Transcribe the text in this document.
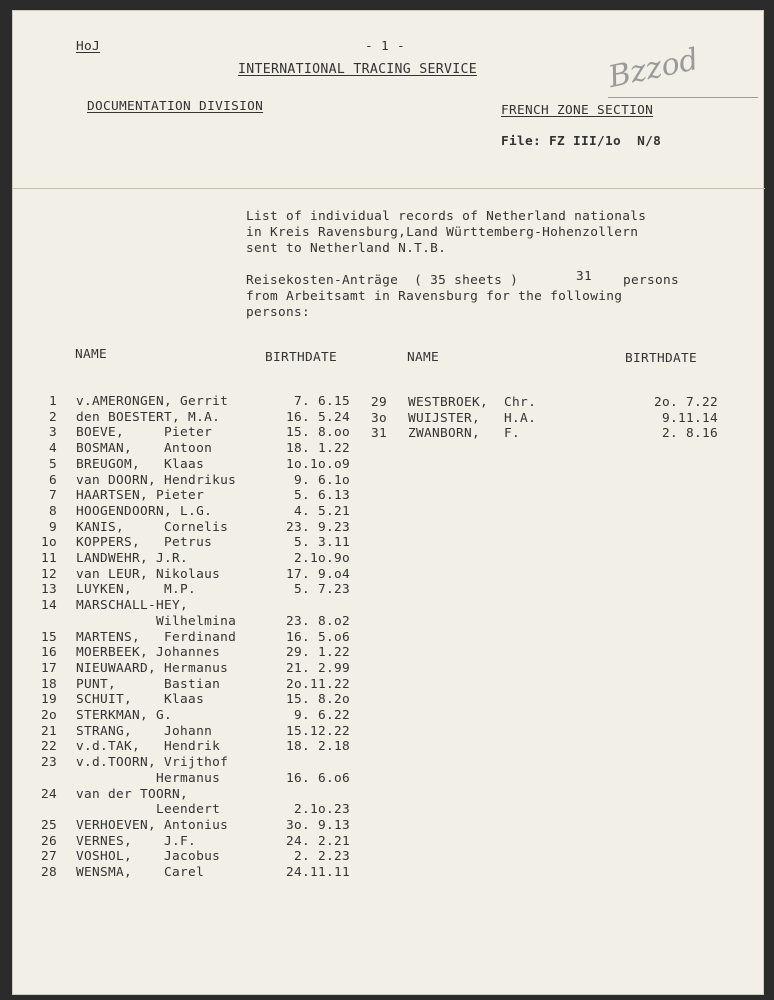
HoJ	- 1 -
INTERNATIONAL TRACING SERVICE	Bzzod
DOCUMENTATION DIVISION	FRENCH ZONE SECTION
File: FZ III/1o  N/8
List of individual records of Netherland nationals
in Kreis Ravensburg,Land Württemberg-Hohenzollern
sent to Netherland N.T.B.
Reisekosten-Anträge  ( 35 sheets )	31 persons
from Arbeitsamt in Ravensburg for the following
persons:
NAME	BIRTHDATE	NAME	BIRTHDATE
1 v.AMERONGEN, Gerrit	7. 6.15
2 den BOESTERT, M.A.	16. 5.24
3 BOEVE,     Pieter	15. 8.oo
4 BOSMAN,    Antoon	18. 1.22
5 BREUGOM,   Klaas	1o.1o.o9
6 van DOORN, Hendrikus	9. 6.1o
7 HAARTSEN, Pieter	5. 6.13
8 HOOGENDOORN, L.G.	4. 5.21
9 KANIS,     Cornelis	23. 9.23
1o KOPPERS,   Petrus	5. 3.11
11 LANDWEHR, J.R.	2.1o.9o
12 van LEUR, Nikolaus	17. 9.o4
13 LUYKEN,    M.P.	5. 7.23
14 MARSCHALL-HEY,
Wilhelmina	23. 8.o2
15 MARTENS,   Ferdinand	16. 5.o6
16 MOERBEEK, Johannes	29. 1.22
17 NIEUWAARD, Hermanus	21. 2.99
18 PUNT,      Bastian	2o.11.22
19 SCHUIT,    Klaas	15. 8.2o
2o STERKMAN, G.	9. 6.22
21 STRANG,    Johann	15.12.22
22 v.d.TAK,   Hendrik	18. 2.18
23 v.d.TOORN, Vrijthof
Hermanus	16. 6.o6
24 van der TOORN,
Leendert	2.1o.23
25 VERHOEVEN, Antonius	3o. 9.13
26 VERNES,    J.F.	24. 2.21
27 VOSHOL,    Jacobus	2. 2.23
28 WENSMA,    Carel	24.11.11
29 WESTBROEK,  Chr.	2o. 7.22
3o WUIJSTER,   H.A.	9.11.14
31 ZWANBORN,   F.	2. 8.16
